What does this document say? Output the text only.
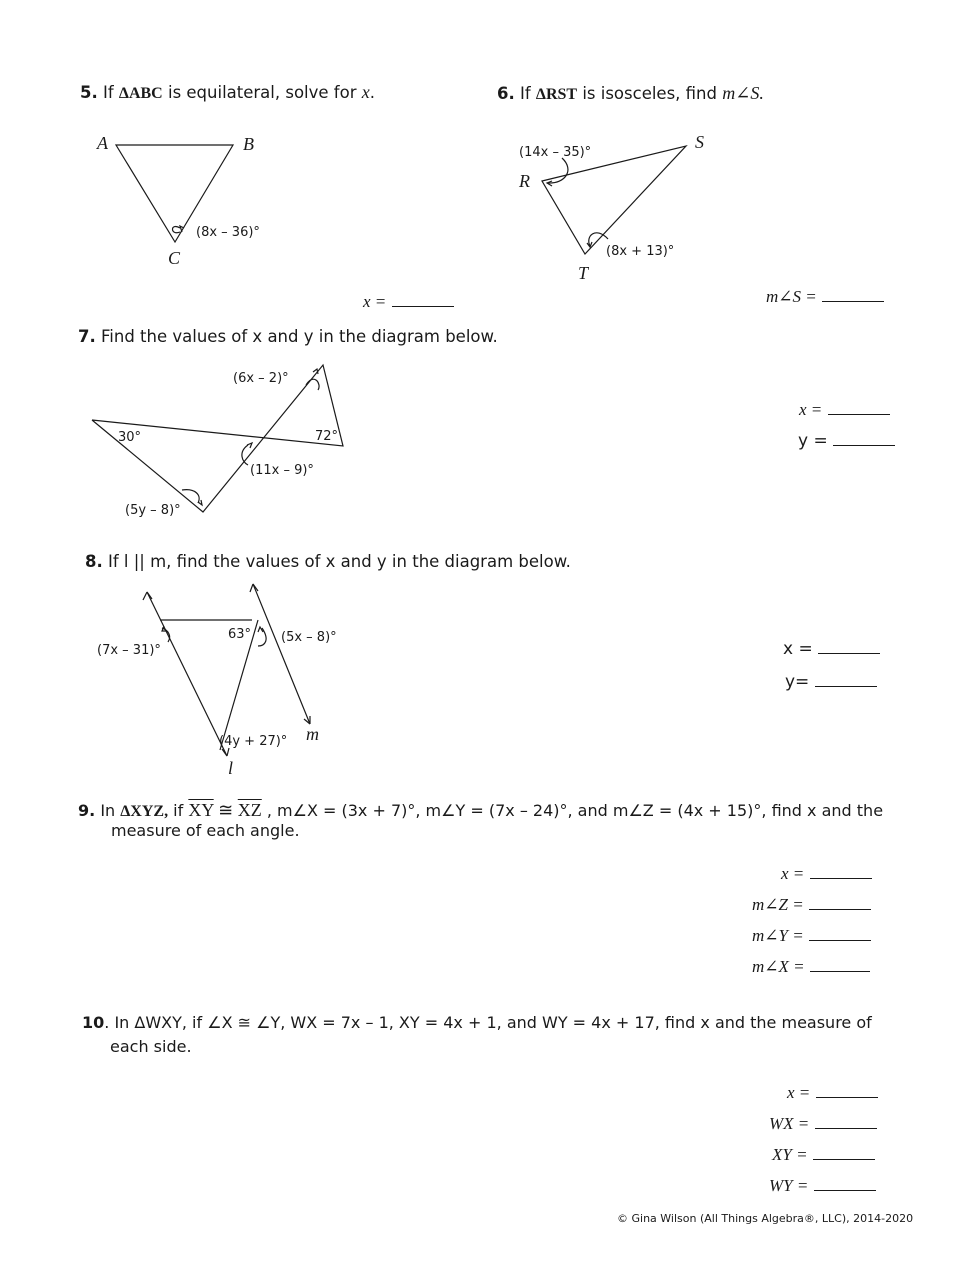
5. If ΔABC is equilateral, solve for x.
A	B
C
(8x – 36)°
R
S
T
(14x – 35)°
(8x + 13)°
(6x – 2)°
30°	72°
(11x – 9)°
(5y – 8)°
(7x – 31)°
63° (5x – 8)°
(4y + 27)°
l
m
x =
6. If ΔRST is isosceles, find m∠S.
m∠S =
7. Find the values of x and y in the diagram below.
x =
y =
8. If l || m, find the values of x and y in the diagram below.
x =
y=
9. In ΔXYZ, if $\overline{XY}$ ≅ $\overline{XZ}$ , m∠X = (3x + 7)°, m∠Y = (7x – 24)°, and m∠Z = (4x + 15)°, find x and the
measure of each angle.
x =
m∠Z =
m∠Y =
m∠X =
10. In ΔWXY, if ∠X ≅ ∠Y, WX = 7x – 1, XY = 4x + 1, and WY = 4x + 17, find x and the measure of
each side.
x =
WX =
XY =
WY =
© Gina Wilson (All Things Algebra®, LLC), 2014-2020
